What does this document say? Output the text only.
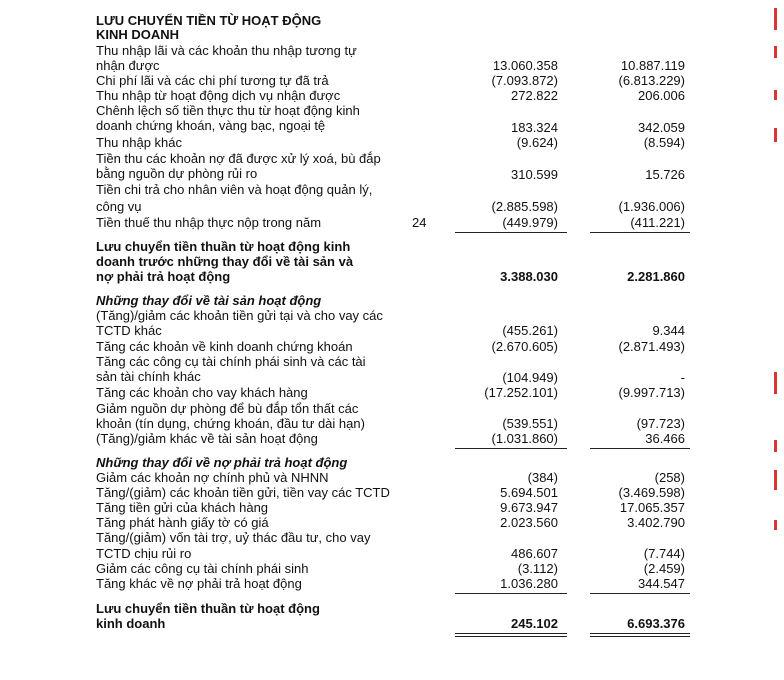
LƯU CHUYỂN TIỀN TỪ HOẠT ĐỘNG
KINH DOANH
Thu nhập lãi và các khoản thu nhập tương tự
nhận được	13.060.358	10.887.119
Chi phí lãi và các chi phí tương tự đã trả	(7.093.872)	(6.813.229)
Thu nhập từ hoạt động dịch vụ nhận được	272.822	206.006
Chênh lệch số tiền thực thu từ hoạt động kinh
doanh chứng khoán, vàng bạc, ngoại tệ	183.324	342.059
Thu nhập khác	(9.624)	(8.594)
Tiền thu các khoản nợ đã được xử lý xoá, bù đắp
bằng nguồn dự phòng rủi ro	310.599	15.726
Tiền chi trả cho nhân viên và hoạt động quản lý,
công vụ	(2.885.598)	(1.936.006)
Tiền thuế thu nhập thực nộp trong năm	24	(449.979)	(411.221)
Lưu chuyển tiền thuần từ hoạt động kinh
doanh trước những thay đổi về tài sản và
nợ phải trả hoạt động	3.388.030	2.281.860
Những thay đổi về tài sản hoạt động
(Tăng)/giảm các khoản tiền gửi tại và cho vay các
TCTD khác	(455.261)	9.344
Tăng các khoản về kinh doanh chứng khoán	(2.670.605)	(2.871.493)
Tăng các công cụ tài chính phái sinh và các tài
sản tài chính khác	(104.949)	-
Tăng các khoản cho vay khách hàng	(17.252.101)	(9.997.713)
Giảm nguồn dự phòng để bù đắp tổn thất các
khoản (tín dụng, chứng khoán, đầu tư dài hạn)	(539.551)	(97.723)
(Tăng)/giảm khác về tài sản hoạt động	(1.031.860)	36.466
Những thay đổi về nợ phải trả hoạt động
Giảm các khoản nợ chính phủ và NHNN	(384)	(258)
Tăng/(giảm) các khoản tiền gửi, tiền vay các TCTD	5.694.501	(3.469.598)
Tăng tiền gửi của khách hàng	9.673.947	17.065.357
Tăng phát hành giấy tờ có giá	2.023.560	3.402.790
Tăng/(giảm) vốn tài trợ, uỷ thác đầu tư, cho vay
TCTD chịu rủi ro	486.607	(7.744)
Giảm các công cụ tài chính phái sinh	(3.112)	(2.459)
Tăng khác về nợ phải trả hoạt động	1.036.280	344.547
Lưu chuyển tiền thuần từ hoạt động
kinh doanh	245.102	6.693.376
